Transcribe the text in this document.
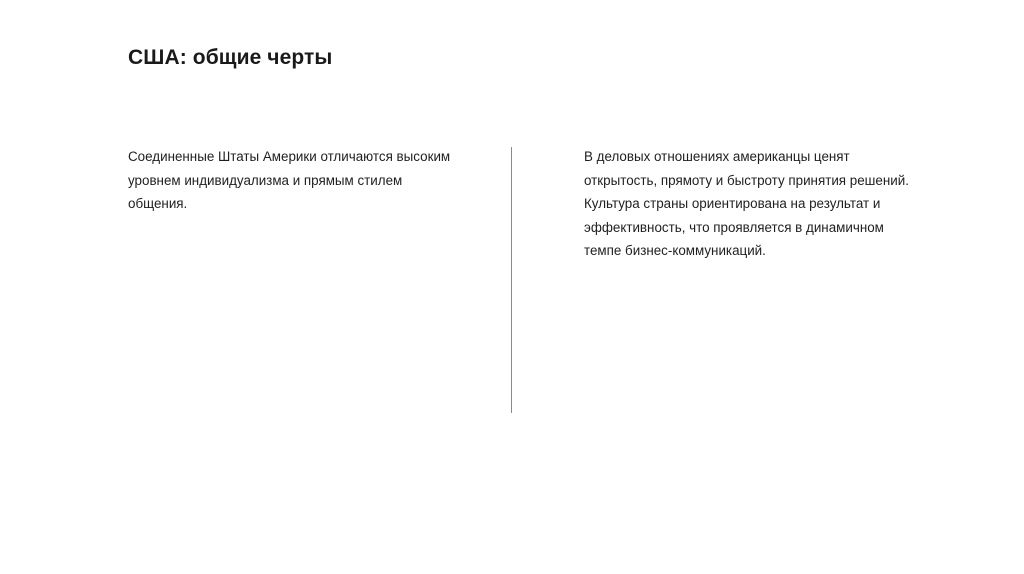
США: общие черты

Соединенные Штаты Америки отличаются высоким

уровнем индивидуализма и прямым стилем

общения.

В деловых отношениях американцы ценят

открытость, прямоту и быстроту принятия решений.

Культура страны ориентирована на результат и

эффективность, что проявляется в динамичном

темпе бизнес-коммуникаций.
